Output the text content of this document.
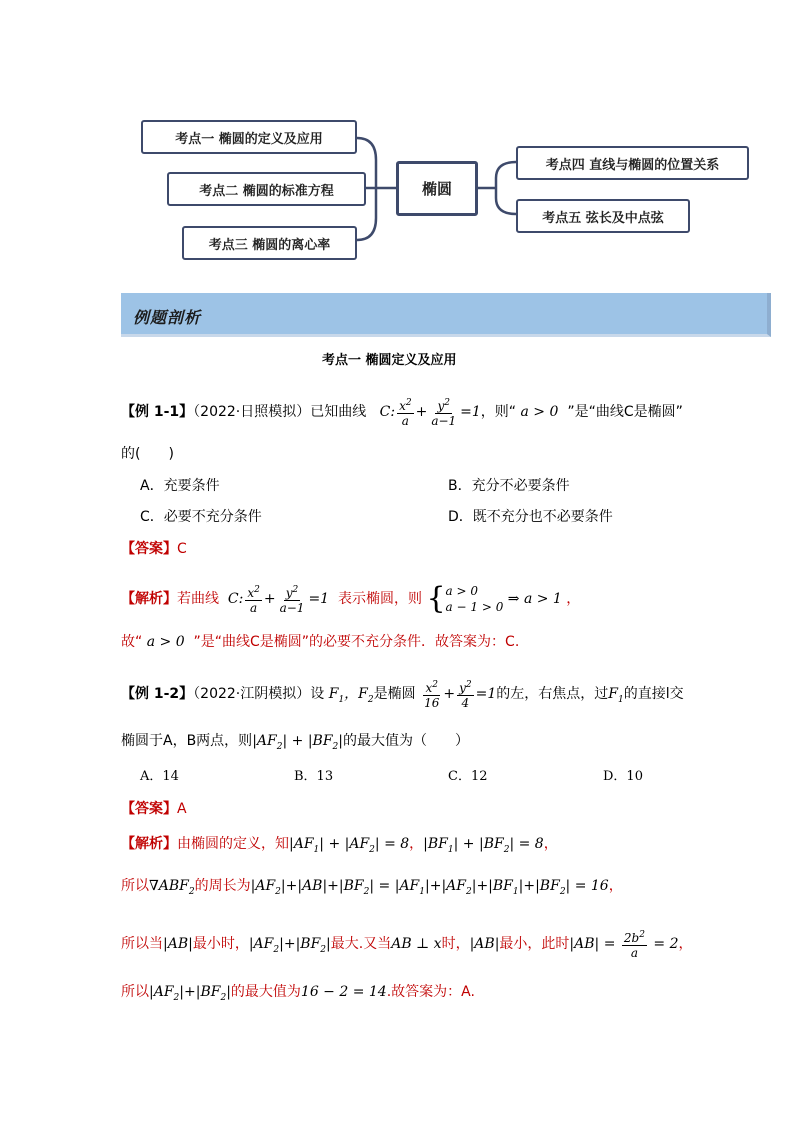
考点一 椭圆的定义及应用
考点二 椭圆的标准方程
考点三 椭圆的离心率
椭圆
考点四 直线与椭圆的位置关系
考点五 弦长及中点弦
例题剖析
考点一 椭圆定义及应用
【例 1-1】（2022·日照模拟）已知曲线   C: $\frac{x^2}{a} + \frac{y^2}{a-1} =1$，则“ a > 0  ”是“曲线C是椭圆”
的(　　)
A．充要条件	B．充分不必要条件
C．必要不充分条件	D．既不充分也不必要条件
【答案】C
【解析】若曲线  C: $\frac{x^2}{a} + \frac{y^2}{a-1} =1$  表示椭圆，则 { a > 0
a − 1 > 0 ⇒ a > 1 ，
故“ a > 0  ”是“曲线C是椭圆”的必要不充分条件．故答案为：C.
【例 1-2】（2022·江阴模拟）设 $F_1$，$F_2$是椭圆 $\frac{x^2}{16} + \frac{y^2}{4} =1$的左，右焦点，过$F_1$的直接l交
椭圆于A，B两点，则$|AF_2| + |BF_2|$的最大值为（　　）
A．14	B．13	C．12	D．10
【答案】A
【解析】由椭圆的定义，知$|AF_1| + |AF_2| = 8$，$|BF_1| + |BF_2| = 8$，
所以$\nabla ABF_2$的周长为$|AF_2|+|AB|+|BF_2| = |AF_1|+|AF_2|+|BF_1|+|BF_2| = 16$，
所以当|AB|最小时，$|AF_2|+|BF_2|$最大.又当AB ⊥ x时，|AB|最小，此时$|AB| = \frac{2b^2}{a} = 2$，
所以$|AF_2|+|BF_2|$的最大值为16 − 2 = 14.故答案为：A.
